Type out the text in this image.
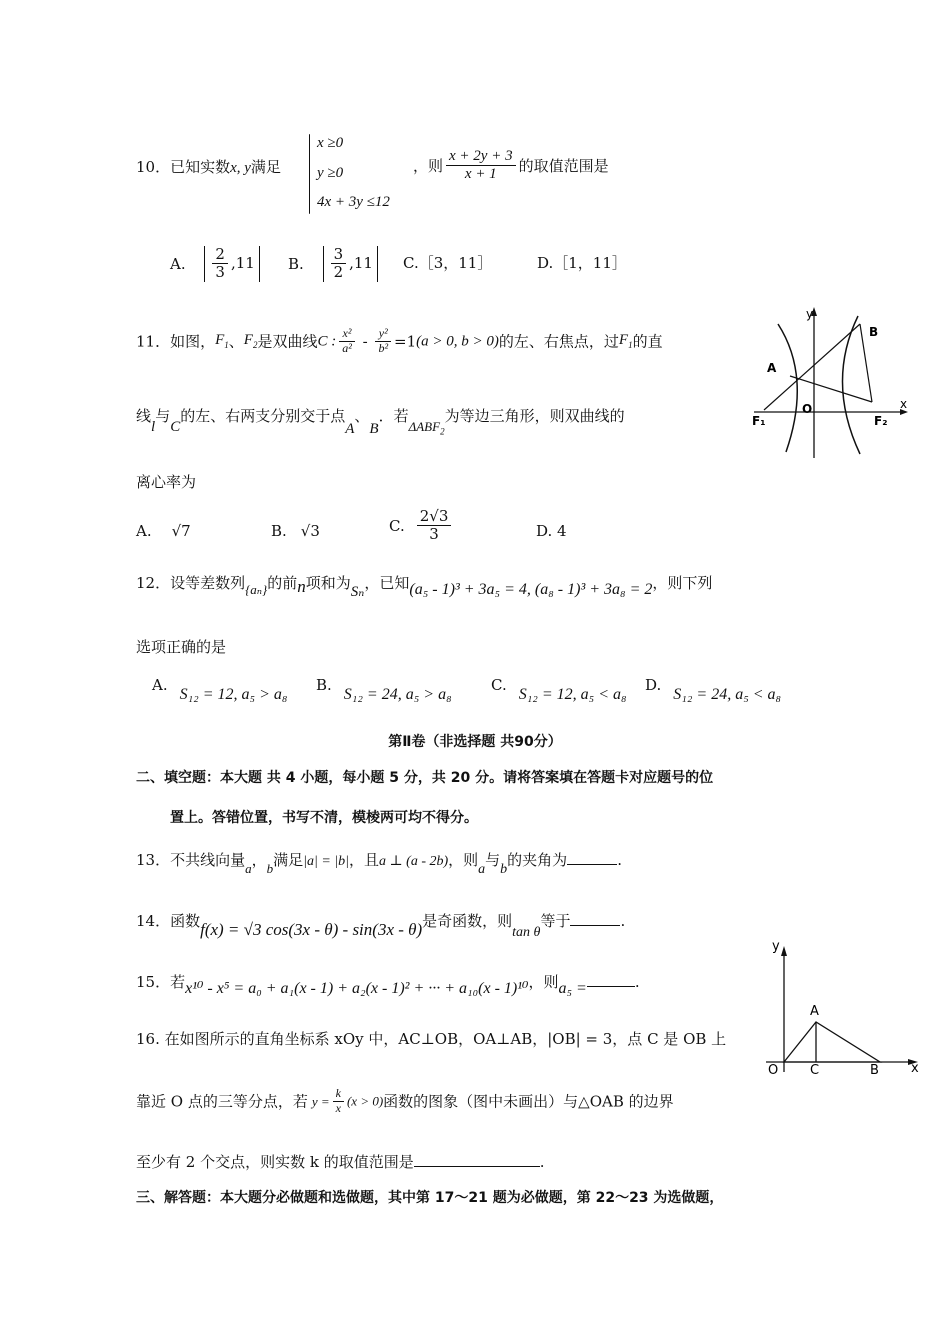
10．已知实数x, y满足
x ≥0
y ≥0
4x + 3y ≤12
，则 $\frac{x + 2y + 3}{x + 1}$ 的取值范围是
A. $\frac{2}{3} ,11$	B. $\frac{3}{2} ,11$	C.［3，11］	D.［1，11］
11．如图，$F_1$、$F_2$是双曲线C : $\frac{\text{x²}}{\text{a²}} - \frac{\text{y²}}{\text{b²}} =1(a > 0$, b > 0)的左、右焦点，过$F_1$的直
线l与C的左、右两支分别交于点A、B．若$\Delta ABF_2$为等边三角形，则双曲线的
离心率为
A. √7	B. √3	C. $\frac{2√3}{3}$	D. 4
y
B
A
O
F₁	F₂
x
12．设等差数列{aₙ}的前n项和为Sₙ，已知(a₅ - 1)³ + 3a₅ = 4, (a₈ - 1)³ + 3a₈ = 2，则下列
选项正确的是
A.S₁₂ = 12, a₅ > a₈
B.S₁₂ = 24, a₅ > a₈
C.S₁₂ = 12, a₅ < a₈
D.S₁₂ = 24, a₅ < a₈
第Ⅱ卷（非选择题 共90分）
二、填空题：本大题 共 4 小题，每小题 5 分，共 20 分。请将答案填在答题卡对应题号的位
置上。答错位置，书写不清，模棱两可均不得分。
13．不共线向量a，b满足|a| = |b|，且a ⊥ (a - 2b)，则a与b的夹角为	.
14．函数f(x) = √3 cos(3x - θ) - sin(3x - θ)是奇函数，则tan θ等于	.
15．若x¹⁰ - x⁵ = a₀ + a₁(x - 1) + a₂(x - 1)² + ··· + a₁₀(x - 1)¹⁰，则a₅ =	.
16. 在如图所示的直角坐标系 xOy 中，AC⊥OB，OA⊥AB，|OB| = 3，点 C 是 OB 上
靠近 O 点的三等分点，若 $y = \frac{k}{x} (x > 0)$函数的图象（图中未画出）与△OAB 的边界
至少有 2 个交点，则实数 k 的取值范围是	.
y
A
O C	B x
三、解答题：本大题分必做题和选做题，其中第 17～21 题为必做题，第 22～23 为选做题，
